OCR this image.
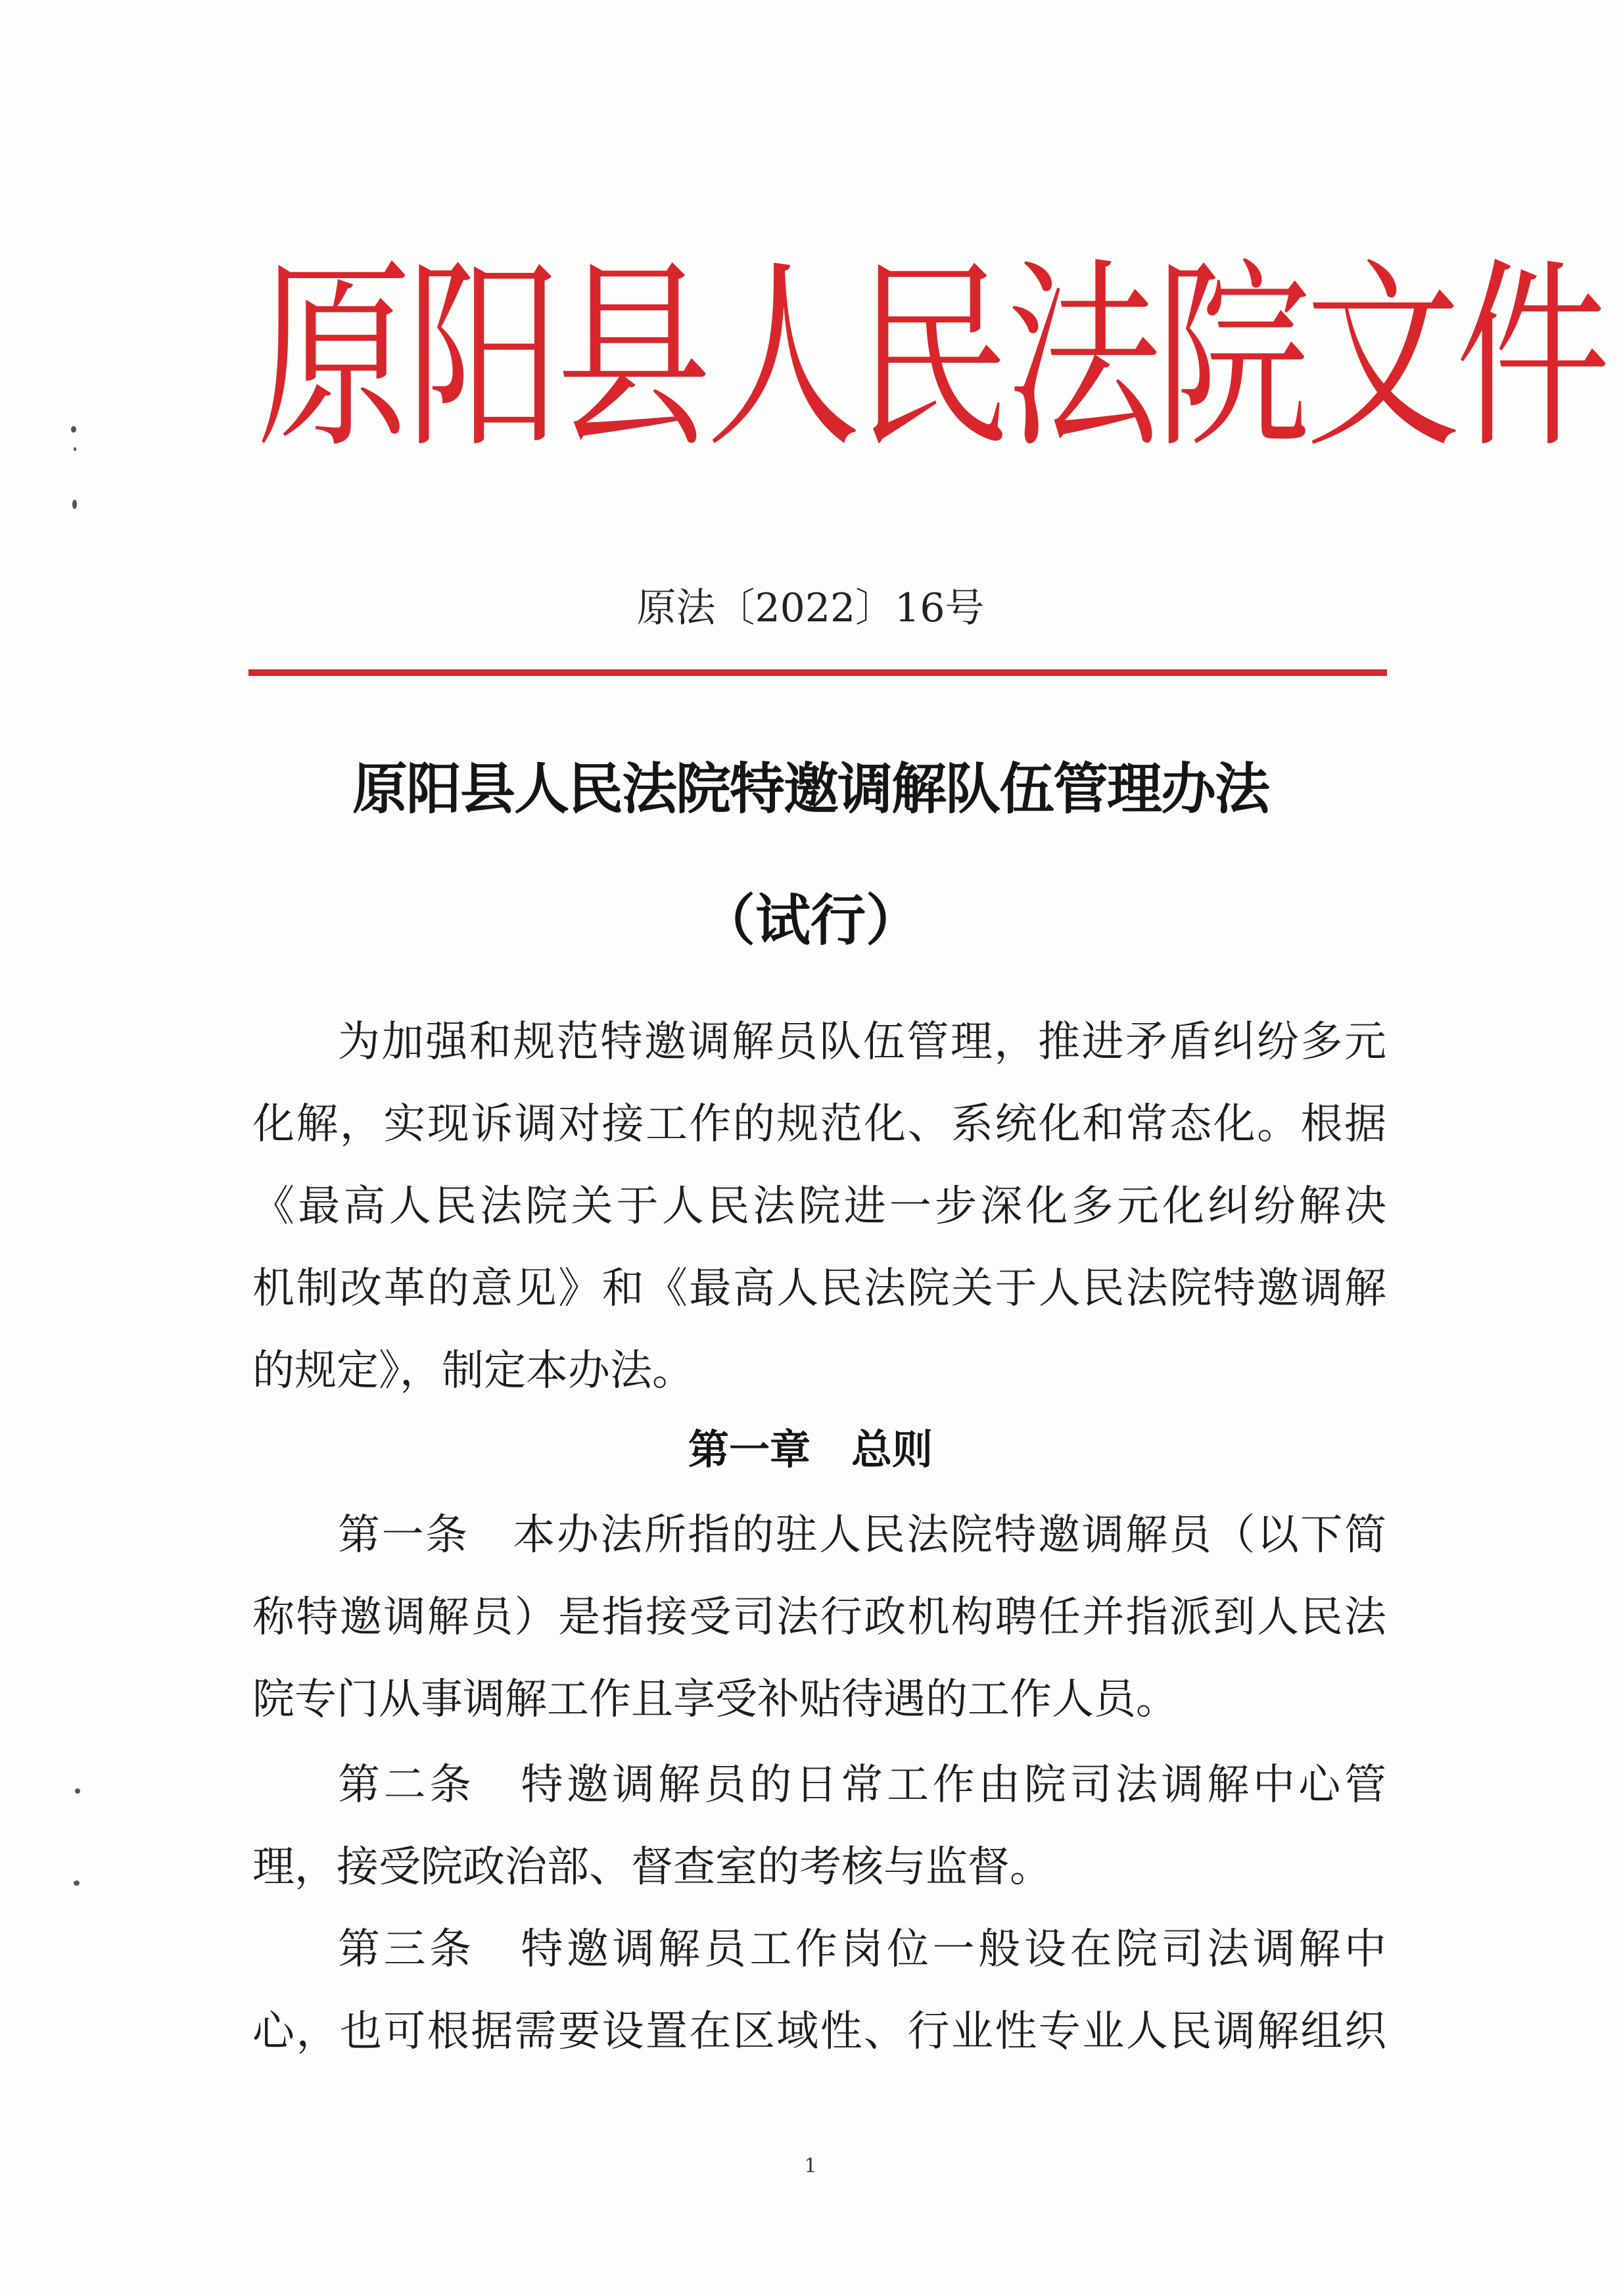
原阳县人民法院文件
原法〔2022〕16号
原阳县人民法院特邀调解队伍管理办法
（试行）
为加强和规范特邀调解员队伍管理，推进矛盾纠纷多元
化解，实现诉调对接工作的规范化、系统化和常态化。根据
《最高人民法院关于人民法院进一步深化多元化纠纷解决
机制改革的意见》和《最高人民法院关于人民法院特邀调解
的规定》，制定本办法。
第一章　总则
第一条　本办法所指的驻人民法院特邀调解员（以下简
称特邀调解员）是指接受司法行政机构聘任并指派到人民法
院专门从事调解工作且享受补贴待遇的工作人员。
第二条　特邀调解员的日常工作由院司法调解中心管
理，接受院政治部、督查室的考核与监督。
第三条　特邀调解员工作岗位一般设在院司法调解中
心，也可根据需要设置在区域性、行业性专业人民调解组织
1
